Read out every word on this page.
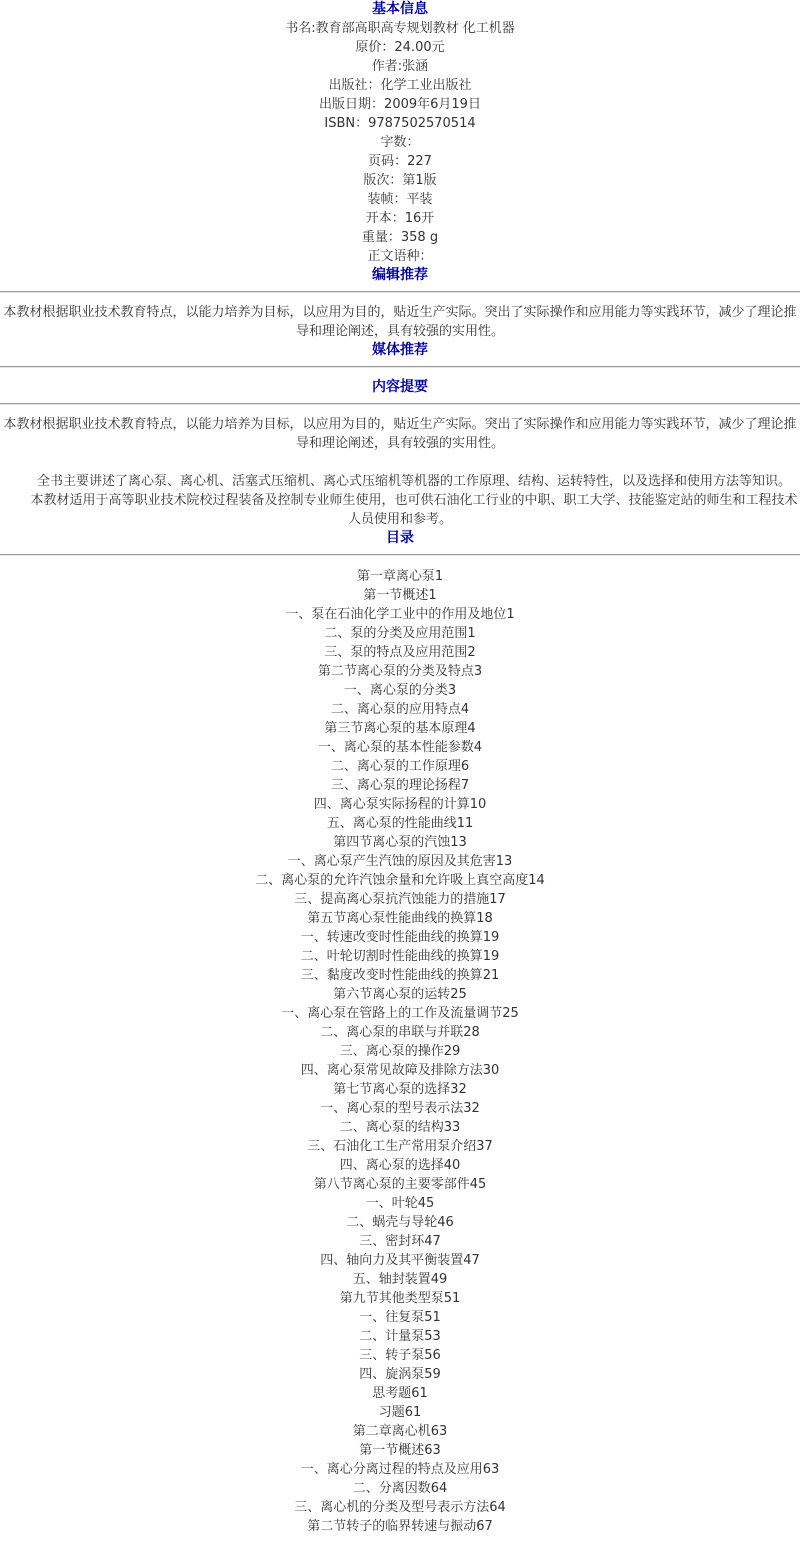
基本信息
书名:教育部高职高专规划教材 化工机器
原价：24.00元
作者:张涵
出版社：化学工业出版社
出版日期：2009年6月19日
ISBN：9787502570514
字数：
页码：227
版次：第1版
装帧：平装
开本：16开
重量：358 g
正文语种：
编辑推荐

本教材根据职业技术教育特点，以能力培养为目标，以应用为目的，贴近生产实际。突出了实际操作和应用能力等实践环节，减少了理论推导和理论阐述，具有较强的实用性。

媒体推荐
内容提要

本教材根据职业技术教育特点，以能力培养为目标，以应用为目的，贴近生产实际。突出了实际操作和应用能力等实践环节，减少了理论推导和理论阐述，具有较强的实用性。

全书主要讲述了离心泵、离心机、活塞式压缩机、离心式压缩机等机器的工作原理、结构、运转特性，以及选择和使用方法等知识。

本教材适用于高等职业技术院校过程装备及控制专业师生使用，也可供石油化工行业的中职、职工大学、技能鉴定站的师生和工程技术人员使用和参考。

目录
第一章离心泵1
第一节概述1
一、泵在石油化学工业中的作用及地位1
二、泵的分类及应用范围1
三、泵的特点及应用范围2
第二节离心泵的分类及特点3
一、离心泵的分类3
二、离心泵的应用特点4
第三节离心泵的基本原理4
一、离心泵的基本性能参数4
二、离心泵的工作原理6
三、离心泵的理论扬程7
四、离心泵实际扬程的计算10
五、离心泵的性能曲线11
第四节离心泵的汽蚀13
一、离心泵产生汽蚀的原因及其危害13
二、离心泵的允许汽蚀余量和允许吸上真空高度14
三、提高离心泵抗汽蚀能力的措施17
第五节离心泵性能曲线的换算18
一、转速改变时性能曲线的换算19
二、叶轮切割时性能曲线的换算19
三、黏度改变时性能曲线的换算21
第六节离心泵的运转25
一、离心泵在管路上的工作及流量调节25
二、离心泵的串联与并联28
三、离心泵的操作29
四、离心泵常见故障及排除方法30
第七节离心泵的选择32
一、离心泵的型号表示法32
二、离心泵的结构33
三、石油化工生产常用泵介绍37
四、离心泵的选择40
第八节离心泵的主要零部件45
一、叶轮45
二、蜗壳与导轮46
三、密封环47
四、轴向力及其平衡装置47
五、轴封装置49
第九节其他类型泵51
一、往复泵51
二、计量泵53
三、转子泵56
四、旋涡泵59
思考题61
习题61
第二章离心机63
第一节概述63
一、离心分离过程的特点及应用63
二、分离因数64
三、离心机的分类及型号表示方法64
第二节转子的临界转速与振动67
